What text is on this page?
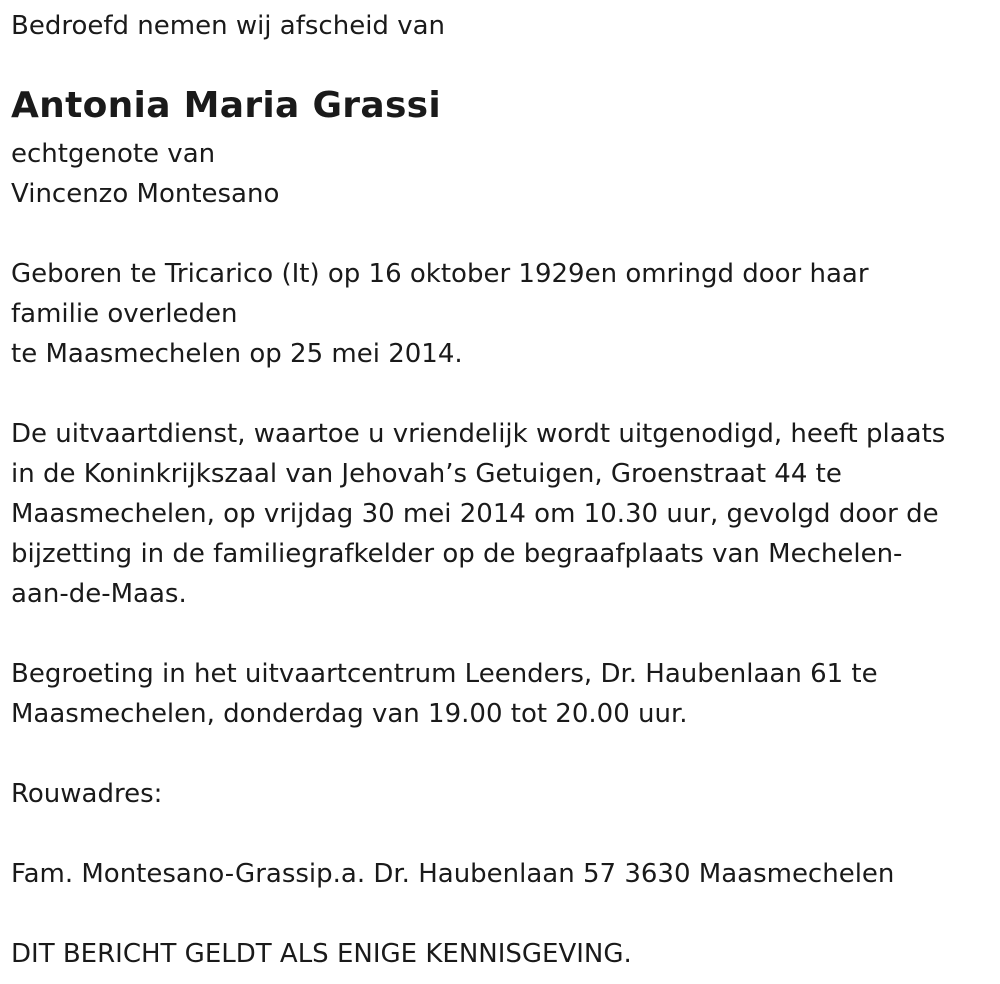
Bedroefd nemen wij afscheid van
Antonia Maria Grassi
echtgenote van
Vincenzo Montesano
Geboren te Tricarico (It) op 16 oktober 1929en omringd door haar
familie overleden
te Maasmechelen op 25 mei 2014.
De uitvaartdienst, waartoe u vriendelijk wordt uitgenodigd, heeft plaats
in de Koninkrijkszaal van Jehovah’s Getuigen, Groenstraat 44 te
Maasmechelen, op vrijdag 30 mei 2014 om 10.30 uur, gevolgd door de
bijzetting in de familiegrafkelder op de begraafplaats van Mechelen-
aan-de-Maas.
Begroeting in het uitvaartcentrum Leenders, Dr. Haubenlaan 61 te
Maasmechelen, donderdag van 19.00 tot 20.00 uur.
Rouwadres:
Fam. Montesano-Grassip.a. Dr. Haubenlaan 57 3630 Maasmechelen
DIT BERICHT GELDT ALS ENIGE KENNISGEVING.
